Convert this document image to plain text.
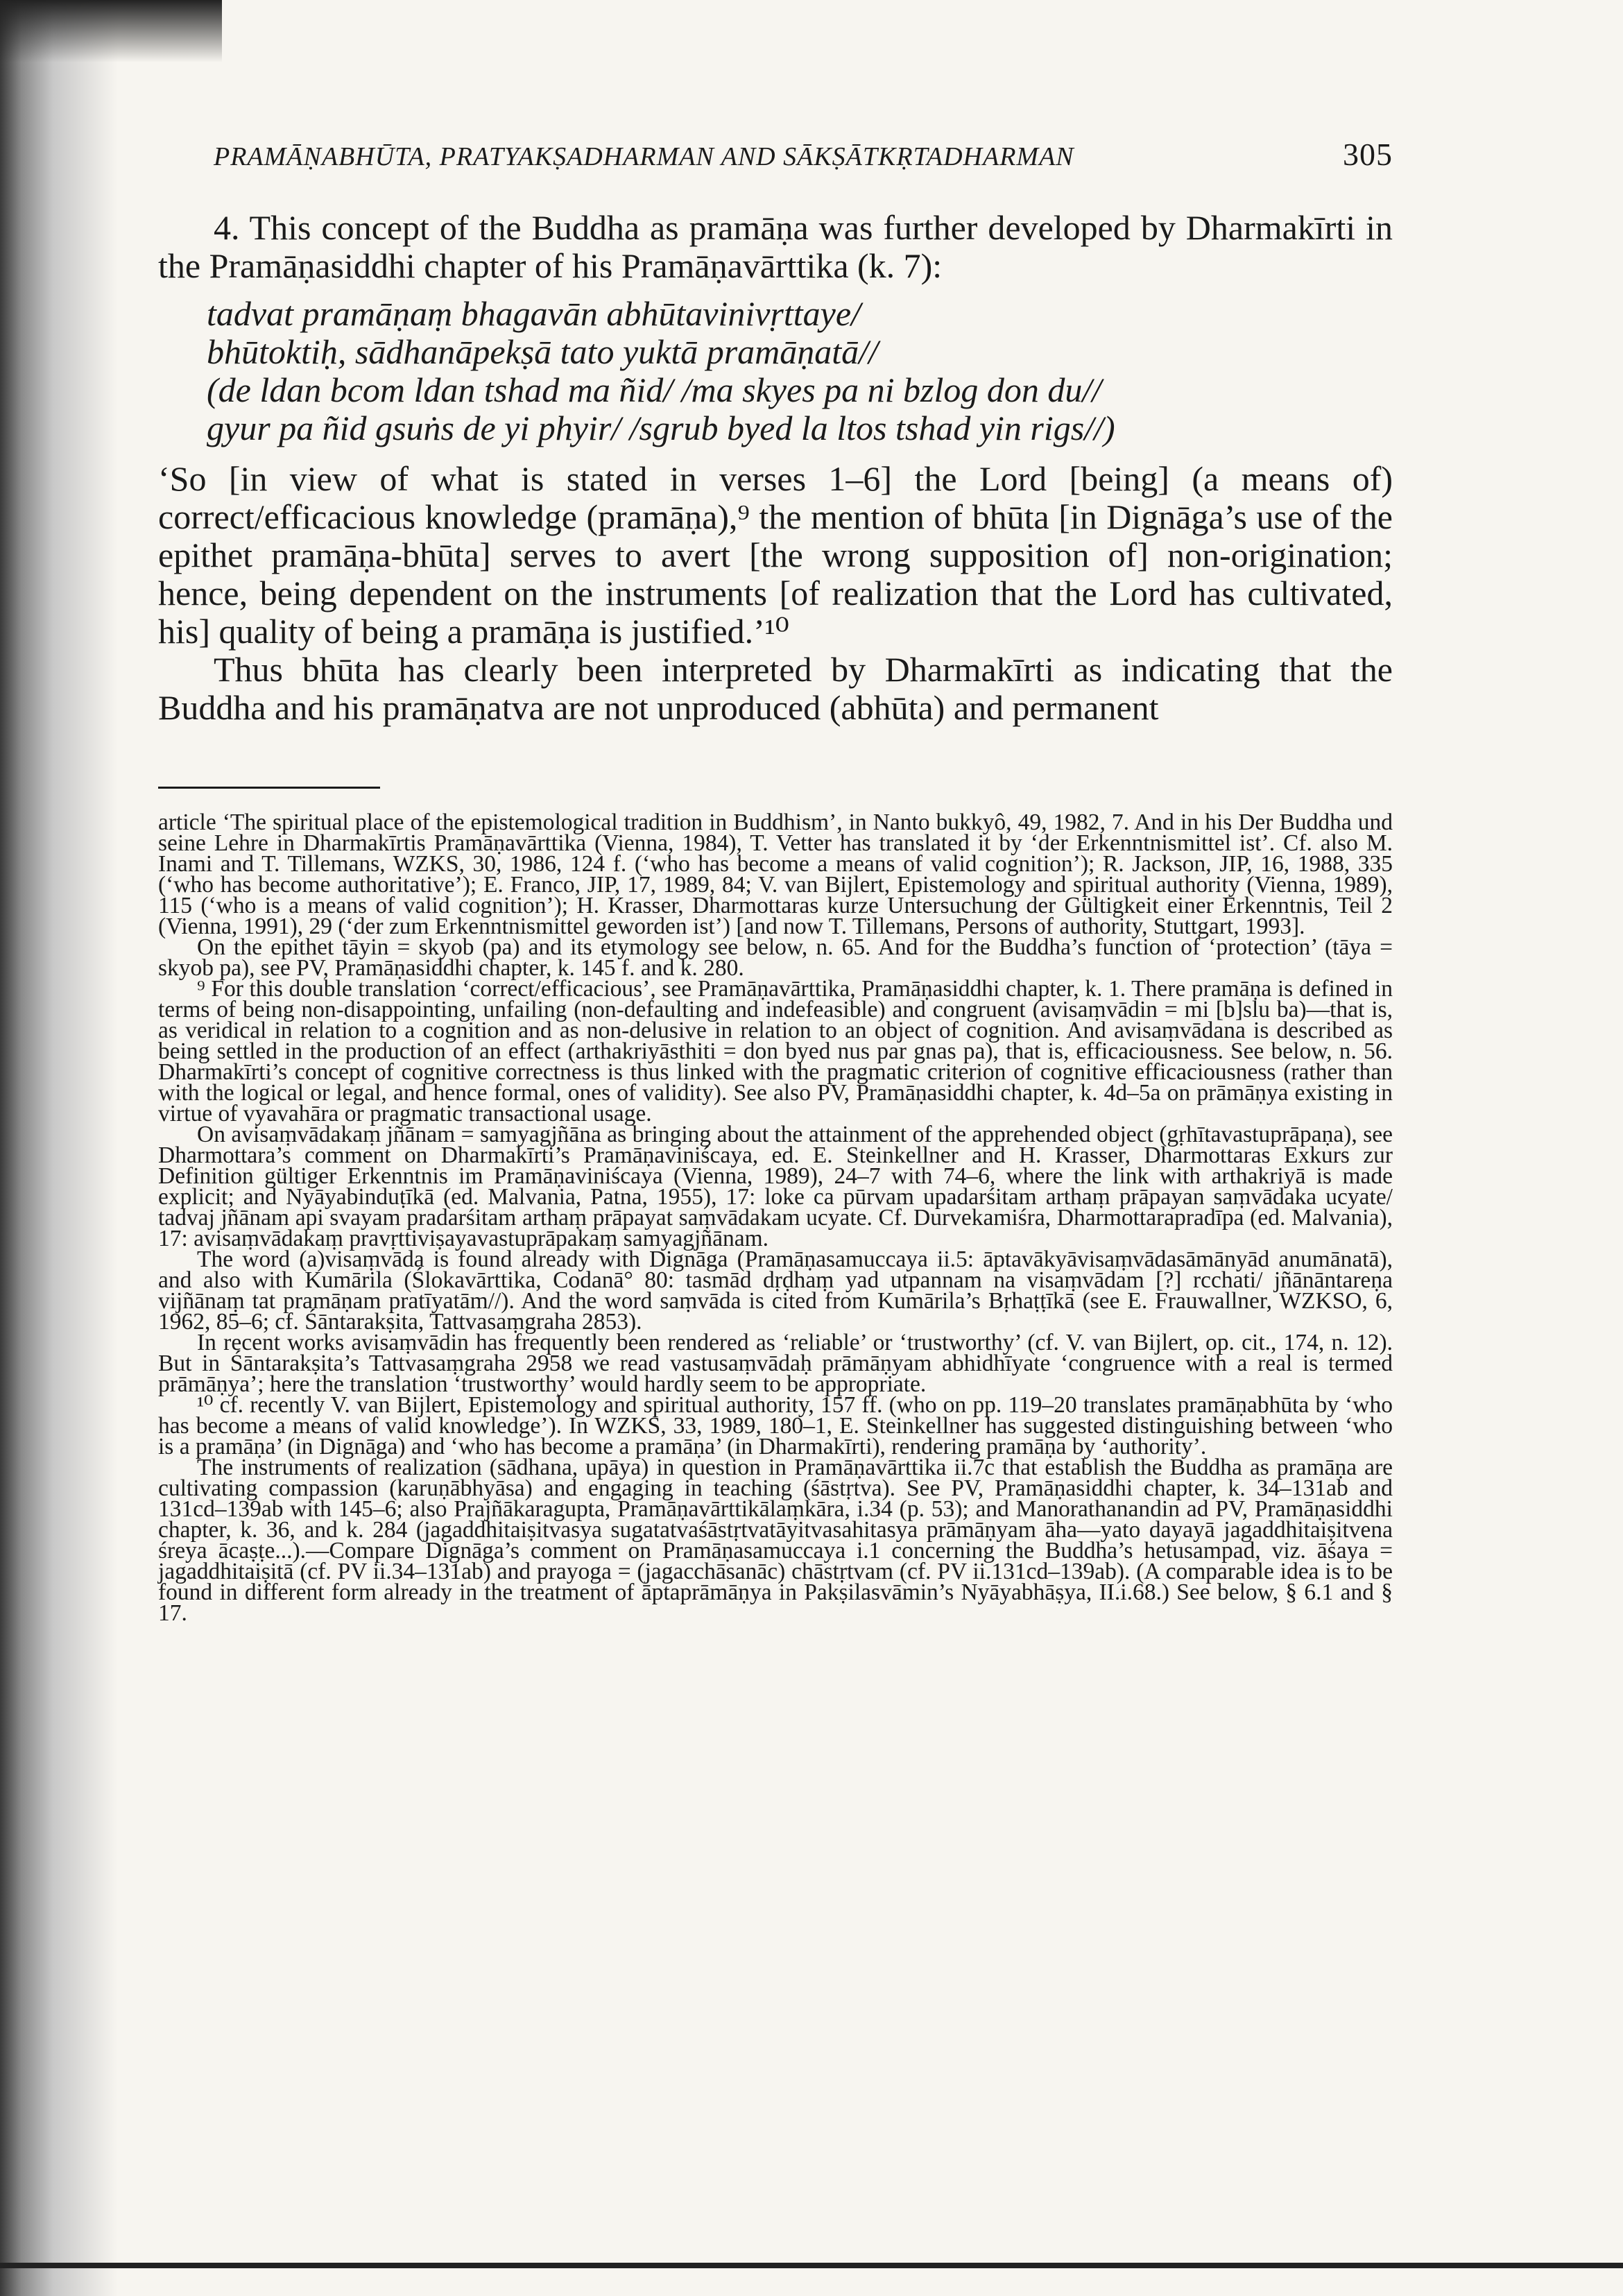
PRAMĀṆABHŪTA, PRATYAKṢADHARMAN AND SĀKṢĀTKṚTADHARMAN	305

4. This concept of the Buddha as pramāṇa was further developed by Dharmakīrti in the Pramāṇasiddhi chapter of his Pramāṇavārttika (k. 7):

tadvat pramāṇaṃ bhagavān abhūtavinivṛttaye/
bhūtoktiḥ, sādhanāpekṣā tato yuktā pramāṇatā//
(de ldan bcom ldan tshad ma ñid/ /ma skyes pa ni bzlog don du//
gyur pa ñid gsuṅs de yi phyir/ /sgrub byed la ltos tshad yin rigs//)

‘So [in view of what is stated in verses 1–6] the Lord [being] (a means of) correct/efficacious knowledge (pramāṇa),⁹ the mention of bhūta [in Dignāga’s use of the epithet pramāṇa-bhūta] serves to avert [the wrong supposition of] non-origination; hence, being dependent on the instruments [of realization that the Lord has cultivated, his] quality of being a pramāṇa is justified.’¹⁰

Thus bhūta has clearly been interpreted by Dharmakīrti as indicating that the Buddha and his pramāṇatva are not unproduced (abhūta) and permanent

article ‘The spiritual place of the epistemological tradition in Buddhism’, in Nanto bukkyô, 49, 1982, 7. And in his Der Buddha und seine Lehre in Dharmakīrtis Pramāṇavārttika (Vienna, 1984), T. Vetter has translated it by ‘der Erkenntnismittel ist’. Cf. also M. Inami and T. Tillemans, WZKS, 30, 1986, 124 f. (‘who has become a means of valid cognition’); R. Jackson, JIP, 16, 1988, 335 (‘who has become authoritative’); E. Franco, JIP, 17, 1989, 84; V. van Bijlert, Epistemology and spiritual authority (Vienna, 1989), 115 (‘who is a means of valid cognition’); H. Krasser, Dharmottaras kurze Untersuchung der Gültigkeit einer Erkenntnis, Teil 2 (Vienna, 1991), 29 (‘der zum Erkenntnismittel geworden ist’) [and now T. Tillemans, Persons of authority, Stuttgart, 1993].

On the epithet tāyin = skyob (pa) and its etymology see below, n. 65. And for the Buddha’s function of ‘protection’ (tāya = skyob pa), see PV, Pramāṇasiddhi chapter, k. 145 f. and k. 280.

⁹ For this double translation ‘correct/efficacious’, see Pramāṇavārttika, Pramāṇasiddhi chapter, k. 1. There pramāṇa is defined in terms of being non-disappointing, unfailing (non-defaulting and indefeasible) and congruent (avisaṃvādin = mi [b]slu ba)—that is, as veridical in relation to a cognition and as non-delusive in relation to an object of cognition. And avisaṃvādana is described as being settled in the production of an effect (arthakriyāsthiti = don byed nus par gnas pa), that is, efficaciousness. See below, n. 56. Dharmakīrti’s concept of cognitive correctness is thus linked with the pragmatic criterion of cognitive efficaciousness (rather than with the logical or legal, and hence formal, ones of validity). See also PV, Pramāṇasiddhi chapter, k. 4d–5a on prāmāṇya existing in virtue of vyavahāra or pragmatic transactional usage.

On avisaṃvādakaṃ jñānam = samyagjñāna as bringing about the attainment of the apprehended object (gṛhītavastuprāpaṇa), see Dharmottara’s comment on Dharmakīrti’s Pramāṇaviniścaya, ed. E. Steinkellner and H. Krasser, Dharmottaras Exkurs zur Definition gültiger Erkenntnis im Pramāṇaviniścaya (Vienna, 1989), 24–7 with 74–6, where the link with arthakriyā is made explicit; and Nyāyabinduṭīkā (ed. Malvania, Patna, 1955), 17: loke ca pūrvam upadarśitam arthaṃ prāpayan saṃvādaka ucyate/ tadvaj jñānam api svayam pradarśitam arthaṃ prāpayat saṃvādakam ucyate. Cf. Durvekamiśra, Dharmottarapradīpa (ed. Malvania), 17: avisaṃvādakaṃ pravṛttiviṣayavastuprāpakaṃ samyagjñānam.

The word (a)visaṃvāda is found already with Dignāga (Pramāṇasamuccaya ii.5: āptavākyāvisaṃvādasāmānyād anumānatā), and also with Kumārila (Ślokavārttika, Codanā° 80: tasmād dṛḍhaṃ yad utpannam na visaṃvādam [?] rcchati/ jñānāntareṇa vijñānaṃ tat pramāṇam pratīyatām//). And the word saṃvāda is cited from Kumārila’s Bṛhaṭṭīkā (see E. Frauwallner, WZKSO, 6, 1962, 85–6; cf. Śāntarakṣita, Tattvasaṃgraha 2853).

In recent works avisaṃvādin has frequently been rendered as ‘reliable’ or ‘trustworthy’ (cf. V. van Bijlert, op. cit., 174, n. 12). But in Śāntarakṣita’s Tattvasaṃgraha 2958 we read vastusaṃvādaḥ prāmāṇyam abhidhīyate ‘congruence with a real is termed prāmāṇya’; here the translation ‘trustworthy’ would hardly seem to be appropriate.

¹⁰ cf. recently V. van Bijlert, Epistemology and spiritual authority, 157 ff. (who on pp. 119–20 translates pramāṇabhūta by ‘who has become a means of valid knowledge’). In WZKS, 33, 1989, 180–1, E. Steinkellner has suggested distinguishing between ‘who is a pramāṇa’ (in Dignāga) and ‘who has become a pramāṇa’ (in Dharmakīrti), rendering pramāṇa by ‘authority’.

The instruments of realization (sādhana, upāya) in question in Pramāṇavārttika ii.7c that establish the Buddha as pramāṇa are cultivating compassion (karuṇābhyāsa) and engaging in teaching (śāstṛtva). See PV, Pramāṇasiddhi chapter, k. 34–131ab and 131cd–139ab with 145–6; also Prajñākaragupta, Pramāṇavārttikālaṃkāra, i.34 (p. 53); and Manorathanandin ad PV, Pramāṇasiddhi chapter, k. 36, and k. 284 (jagaddhitaiṣitvasya sugatatvaśāstṛtvatāyitvasahitasya prāmāṇyam āha—yato dayayā jagaddhitaiṣitvena śreya ācaṣṭe...).—Compare Dignāga’s comment on Pramāṇasamuccaya i.1 concerning the Buddha’s hetusampad, viz. āśaya = jagaddhitaiṣitā (cf. PV ii.34–131ab) and prayoga = (jagacchāsanāc) chāstṛtvam (cf. PV ii.131cd–139ab). (A comparable idea is to be found in different form already in the treatment of āptaprāmāṇya in Pakṣilasvāmin’s Nyāyabhāṣya, II.i.68.) See below, § 6.1 and § 17.
